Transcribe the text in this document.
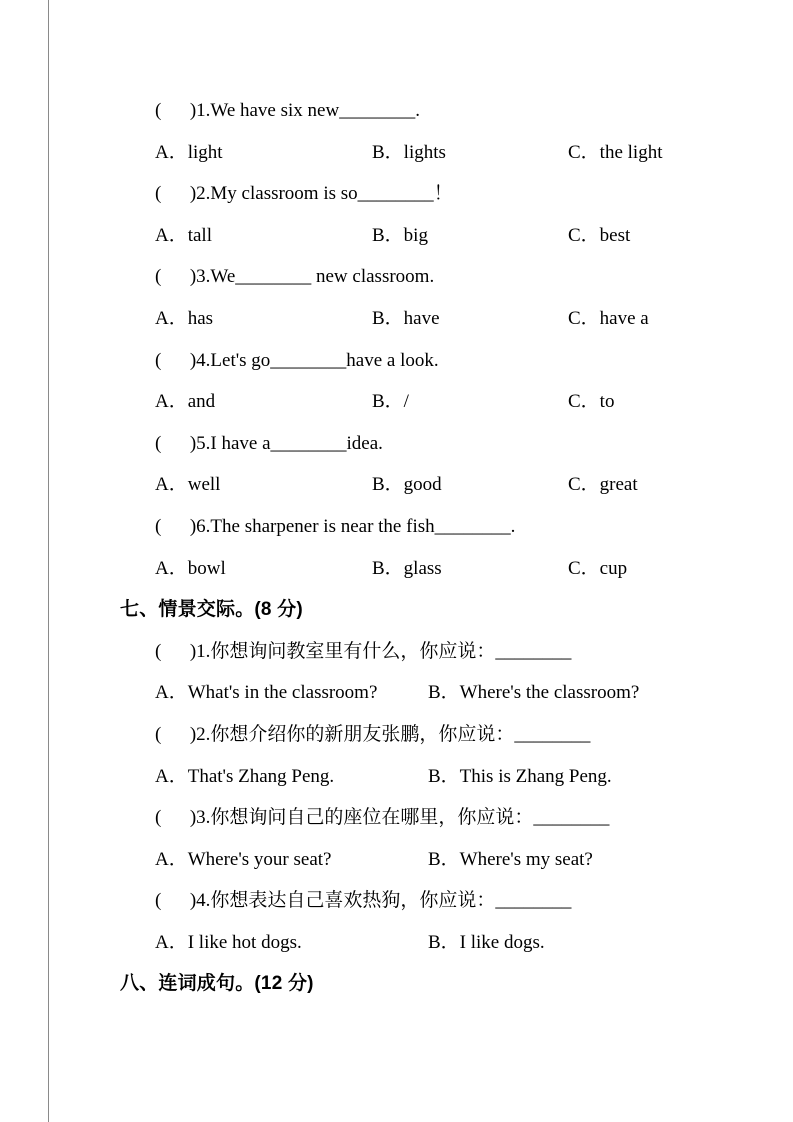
(      )1.We have six new________.
A．light	B．lights	C．the light
(      )2.My classroom is so________！
A．tall	B．big	C．best
(      )3.We________ new classroom.
A．has	B．have	C．have a
(      )4.Let's go________have a look.
A．and	B．/	C．to
(      )5.I have a________idea.
A．well	B．good	C．great
(      )6.The sharpener is near the fish________.
A．bowl	B．glass	C．cup
七、情景交际。(8 分)
(      )1.你想询问教室里有什么，你应说：________
A．What's in the classroom?	B．Where's the classroom?
(      )2.你想介绍你的新朋友张鹏，你应说：________
A．That's Zhang Peng.	B．This is Zhang Peng.
(      )3.你想询问自己的座位在哪里，你应说：________
A．Where's your seat?	B．Where's my seat?
(      )4.你想表达自己喜欢热狗，你应说：________
A．I like hot dogs.	B．I like dogs.
八、连词成句。(12 分)
